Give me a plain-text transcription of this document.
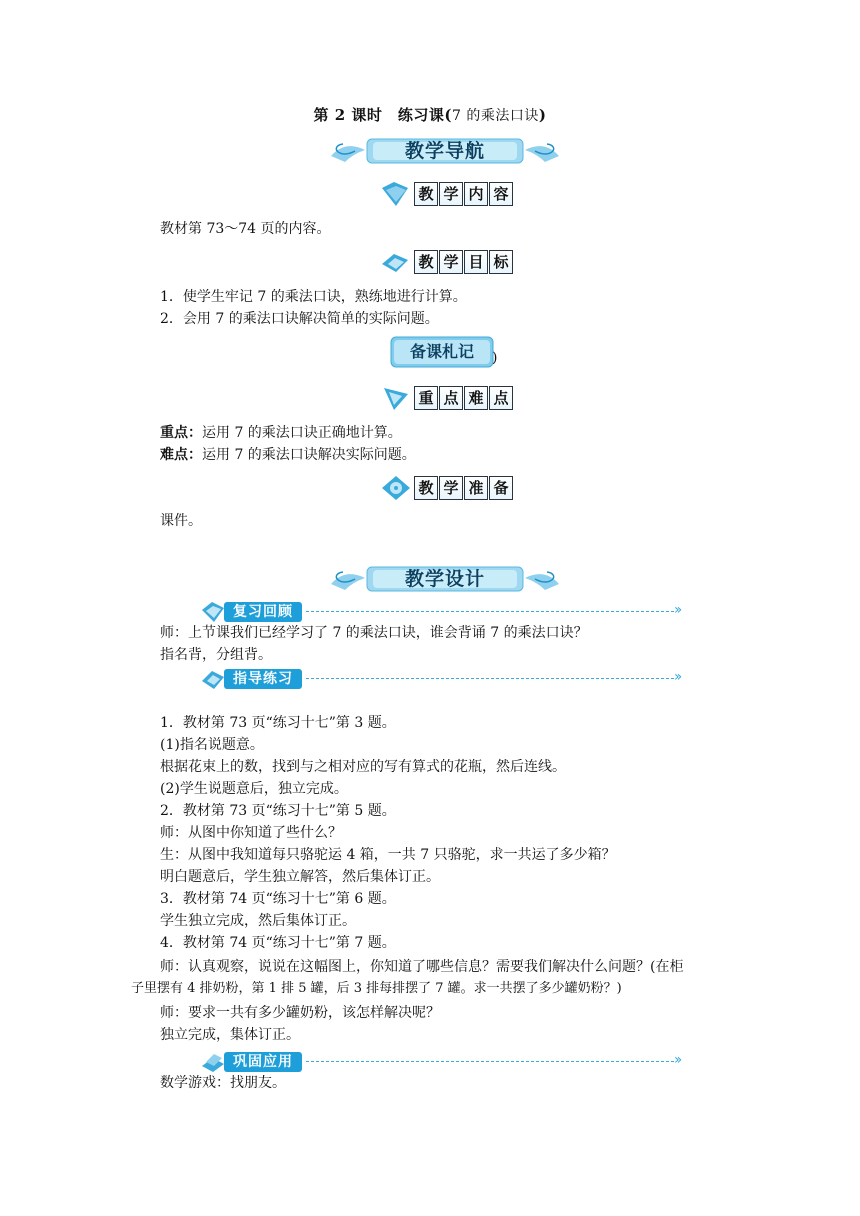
第 2 课时　练习课(7 的乘法口诀)
教学导航
教 学 内 容
教材第 73～74 页的内容。
教 学 目 标
1．使学生牢记 7 的乘法口诀，熟练地进行计算。
2．会用 7 的乘法口诀解决简单的实际问题。
备课札记	)
重 点 难 点
重点：运用 7 的乘法口诀正确地计算。
难点：运用 7 的乘法口诀解决实际问题。
教 学 准 备
课件。
教学设计
复习回顾	››
师：上节课我们已经学习了 7 的乘法口诀，谁会背诵 7 的乘法口诀？
指名背，分组背。
指导练习	››
1．教材第 73 页“练习十七”第 3 题。
(1)指名说题意。
根据花束上的数，找到与之相对应的写有算式的花瓶，然后连线。
(2)学生说题意后，独立完成。
2．教材第 73 页“练习十七”第 5 题。
师：从图中你知道了些什么？
生：从图中我知道每只骆驼运 4 箱，一共 7 只骆驼，求一共运了多少箱？
明白题意后，学生独立解答，然后集体订正。
3．教材第 74 页“练习十七”第 6 题。
学生独立完成，然后集体订正。
4．教材第 74 页“练习十七”第 7 题。
师：认真观察，说说在这幅图上，你知道了哪些信息？需要我们解决什么问题？(在柜
子里摆有 4 排奶粉，第 1 排 5 罐，后 3 排每排摆了 7 罐。求一共摆了多少罐奶粉？)
师：要求一共有多少罐奶粉，该怎样解决呢？
独立完成，集体订正。
巩固应用	››
数学游戏：找朋友。
